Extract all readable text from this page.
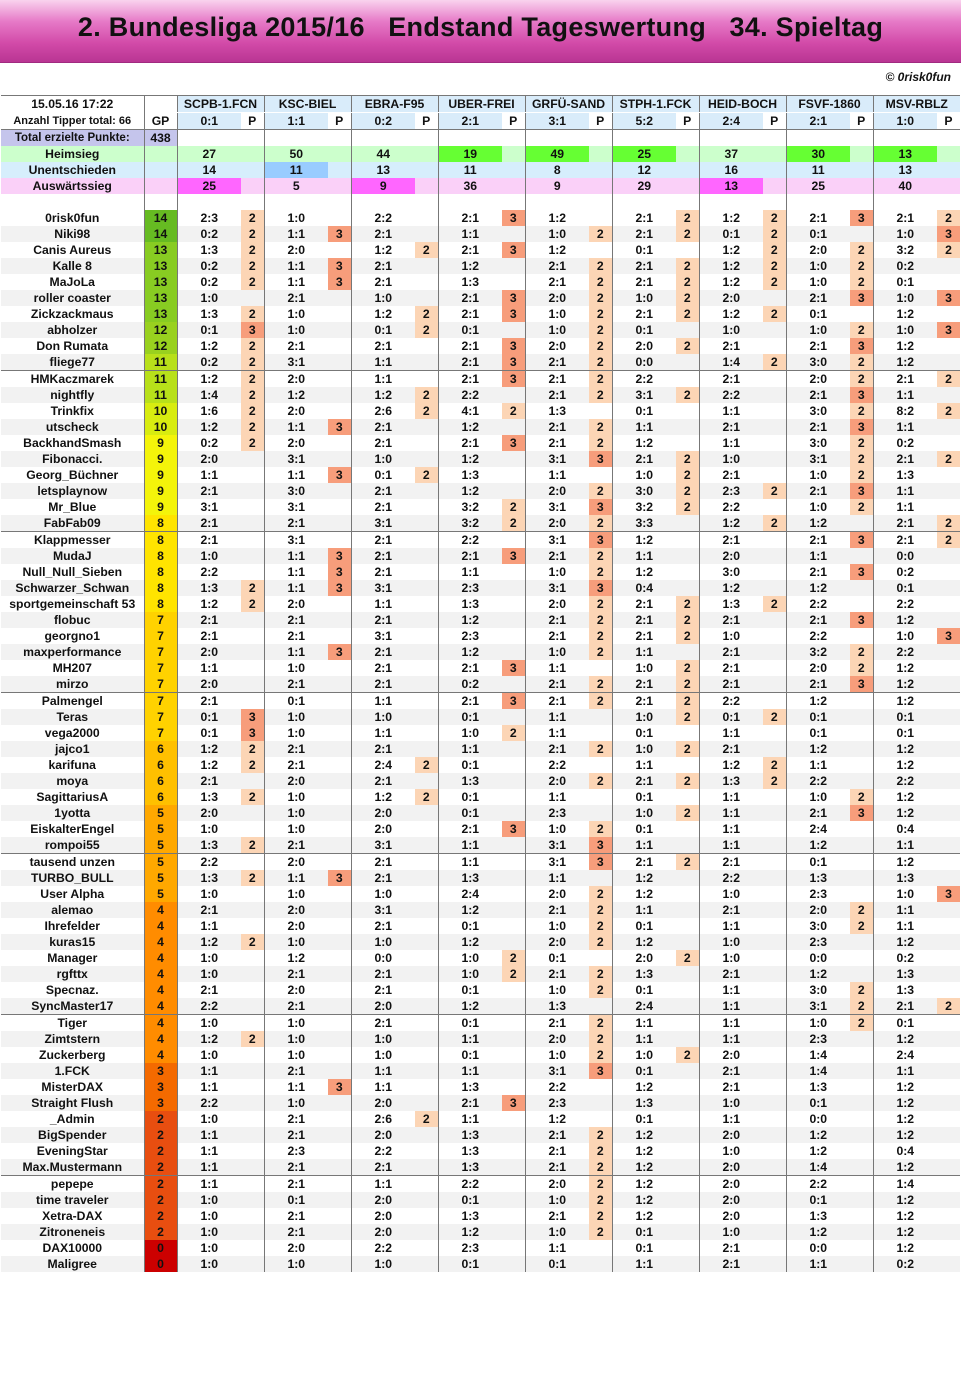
2. Bundesliga 2015/16   Endstand Tageswertung   34. Spieltag
© 0risk0fun
15.05.16 17:22		SCPB-1.FCN		KSC-BIEL		EBRA-F95		UBER-FREI		GRFÜ-SAND		STPH-1.FCK		HEID-BOCH		FSVF-1860		MSV-RBLZ	
Anzahl Tipper total: 66	GP	0:1	P	1:1	P	0:2	P	2:1	P	3:1	P	5:2	P	2:4	P	2:1	P	1:0	P
Total erzielte Punkte:	438																		
Heimsieg		27		50		44		19		49		25		37		30		13	
Unentschieden		14		11		13		11		8		12		16		11		13	
Auswärtssieg		25		5		9		36		9		29		13		25		40	

0risk0fun	14	2:3	2	1:0		2:2		2:1	3	1:2		2:1	2	1:2	2	2:1	3	2:1	2
Niki98	14	0:2	2	1:1	3	2:1		1:1		1:0	2	2:1	2	0:1	2	0:1		1:0	3
Canis Aureus	13	1:3	2	2:0		1:2	2	2:1	3	1:2		0:1		1:2	2	2:0	2	3:2	2
Kalle 8	13	0:2	2	1:1	3	2:1		1:2		2:1	2	2:1	2	1:2	2	1:0	2	0:2	
MaJoLa	13	0:2	2	1:1	3	2:1		1:3		2:1	2	2:1	2	1:2	2	1:0	2	0:1	
roller coaster	13	1:0		2:1		1:0		2:1	3	2:0	2	1:0	2	2:0		2:1	3	1:0	3
Zickzackmaus	13	1:3	2	1:0		1:2	2	2:1	3	1:0	2	2:1	2	1:2	2	0:1		1:2	
abholzer	12	0:1	3	1:0		0:1	2	0:1		1:0	2	0:1		1:0		1:0	2	1:0	3
Don Rumata	12	1:2	2	2:1		2:1		2:1	3	2:0	2	2:0	2	2:1		2:1	3	1:2	
fliege77	11	0:2	2	3:1		1:1		2:1	3	2:1	2	0:0		1:4	2	3:0	2	1:2	
HMKaczmarek	11	1:2	2	2:0		1:1		2:1	3	2:1	2	2:2		2:1		2:0	2	2:1	2
nightfly	11	1:4	2	1:2		1:2	2	2:2		2:1	2	3:1	2	2:2		2:1	3	1:1	
Trinkfix	10	1:6	2	2:0		2:6	2	4:1	2	1:3		0:1		1:1		3:0	2	8:2	2
utscheck	10	1:2	2	1:1	3	2:1		1:2		2:1	2	1:1		2:1		2:1	3	1:1	
BackhandSmash	9	0:2	2	2:0		2:1		2:1	3	2:1	2	1:2		1:1		3:0	2	0:2	
Fibonacci.	9	2:0		3:1		1:0		1:2		3:1	3	2:1	2	1:0		3:1	2	2:1	2
Georg_Büchner	9	1:1		1:1	3	0:1	2	1:3		1:1		1:0	2	2:1		1:0	2	1:3	
letsplaynow	9	2:1		3:0		2:1		1:2		2:0	2	3:0	2	2:3	2	2:1	3	1:1	
Mr_Blue	9	3:1		3:1		2:1		3:2	2	3:1	3	3:2	2	2:2		1:0	2	1:1	
FabFab09	8	2:1		2:1		3:1		3:2	2	2:0	2	3:3		1:2	2	1:2		2:1	2
Klappmesser	8	2:1		3:1		2:1		2:2		3:1	3	1:2		2:1		2:1	3	2:1	2
MudaJ	8	1:0		1:1	3	2:1		2:1	3	2:1	2	1:1		2:0		1:1		0:0	
Null_Null_Sieben	8	2:2		1:1	3	2:1		1:1		1:0	2	1:2		3:0		2:1	3	0:2	
Schwarzer_Schwan	8	1:3	2	1:1	3	3:1		2:3		3:1	3	0:4		1:2		1:2		0:1	
sportgemeinschaft 53	8	1:2	2	2:0		1:1		1:3		2:0	2	2:1	2	1:3	2	2:2		2:2	
flobuc	7	2:1		2:1		2:1		1:2		2:1	2	2:1	2	2:1		2:1	3	1:2	
georgno1	7	2:1		2:1		3:1		2:3		2:1	2	2:1	2	1:0		2:2		1:0	3
maxperformance	7	2:0		1:1	3	2:1		1:2		1:0	2	1:1		2:1		3:2	2	2:2	
MH207	7	1:1		1:0		2:1		2:1	3	1:1		1:0	2	2:1		2:0	2	1:2	
mirzo	7	2:0		2:1		2:1		0:2		2:1	2	2:1	2	2:1		2:1	3	1:2	
Palmengel	7	2:1		0:1		1:1		2:1	3	2:1	2	2:1	2	2:2		1:2		1:2	
Teras	7	0:1	3	1:0		1:0		0:1		1:1		1:0	2	0:1	2	0:1		0:1	
vega2000	7	0:1	3	1:0		1:1		1:0	2	1:1		0:1		1:1		0:1		0:1	
jajco1	6	1:2	2	2:1		2:1		1:1		2:1	2	1:0	2	2:1		1:2		1:2	
karifuna	6	1:2	2	2:1		2:4	2	0:1		2:2		1:1		1:2	2	1:1		1:2	
moya	6	2:1		2:0		2:1		1:3		2:0	2	2:1	2	1:3	2	2:2		2:2	
SagittariusA	6	1:3	2	1:0		1:2	2	0:1		1:1		0:1		1:1		1:0	2	1:2	
1yotta	5	2:0		1:0		2:0		0:1		2:3		1:0	2	1:1		2:1	3	1:2	
EiskalterEngel	5	1:0		1:0		2:0		2:1	3	1:0	2	0:1		1:1		2:4		0:4	
rompoi55	5	1:3	2	2:1		3:1		1:1		3:1	3	1:1		1:1		1:2		1:1	
tausend unzen	5	2:2		2:0		2:1		1:1		3:1	3	2:1	2	2:1		0:1		1:2	
TURBO_BULL	5	1:3	2	1:1	3	2:1		1:3		1:1		1:2		2:2		1:3		1:3	
User Alpha	5	1:0		1:0		1:0		2:4		2:0	2	1:2		1:0		2:3		1:0	3
alemao	4	2:1		2:0		3:1		1:2		2:1	2	1:1		2:1		2:0	2	1:1	
Ihrefelder	4	1:1		2:0		2:1		0:1		1:0	2	0:1		1:1		3:0	2	1:1	
kuras15	4	1:2	2	1:0		1:0		1:2		2:0	2	1:2		1:0		2:3		1:2	
Manager	4	1:0		1:2		0:0		1:0	2	0:1		2:0	2	1:0		0:0		0:2	
rgfttx	4	1:0		2:1		2:1		1:0	2	2:1	2	1:3		2:1		1:2		1:3	
Specnaz.	4	2:1		2:0		2:1		0:1		1:0	2	0:1		1:1		3:0	2	1:3	
SyncMaster17	4	2:2		2:1		2:0		1:2		1:3		2:4		1:1		3:1	2	2:1	2
Tiger	4	1:0		1:0		2:1		0:1		2:1	2	1:1		1:1		1:0	2	0:1	
Zimtstern	4	1:2	2	1:0		1:0		1:1		2:0	2	1:1		1:1		2:3		1:2	
Zuckerberg	4	1:0		1:0		1:0		0:1		1:0	2	1:0	2	2:0		1:4		2:4	
1.FCK	3	1:1		2:1		1:1		1:1		3:1	3	0:1		2:1		1:4		1:1	
MisterDAX	3	1:1		1:1	3	1:1		1:3		2:2		1:2		2:1		1:3		1:2	
Straight Flush	3	2:2		1:0		2:0		2:1	3	2:3		1:3		1:0		0:1		1:2	
_Admin	2	1:0		2:1		2:6	2	1:1		1:2		0:1		1:1		0:0		1:2	
BigSpender	2	1:1		2:1		2:0		1:3		2:1	2	1:2		2:0		1:2		1:2	
EveningStar	2	1:1		2:3		2:2		1:3		2:1	2	1:2		1:0		1:2		0:4	
Max.Mustermann	2	1:1		2:1		2:1		1:3		2:1	2	1:2		2:0		1:4		1:2	
pepepe	2	1:1		2:1		1:1		2:2		2:0	2	1:2		2:0		2:2		1:4	
time traveler	2	1:0		0:1		2:0		0:1		1:0	2	1:2		2:0		0:1		1:2	
Xetra-DAX	2	1:0		2:1		2:0		1:3		2:1	2	1:2		2:0		1:3		1:2	
Zitroneneis	2	1:0		2:1		2:0		1:2		1:0	2	0:1		1:0		1:2		1:2	
DAX10000	0	1:0		2:0		2:2		2:3		1:1		0:1		2:1		0:0		1:2	
Maligree	0	1:0		1:0		1:0		0:1		0:1		1:1		2:1		1:1		0:2	
